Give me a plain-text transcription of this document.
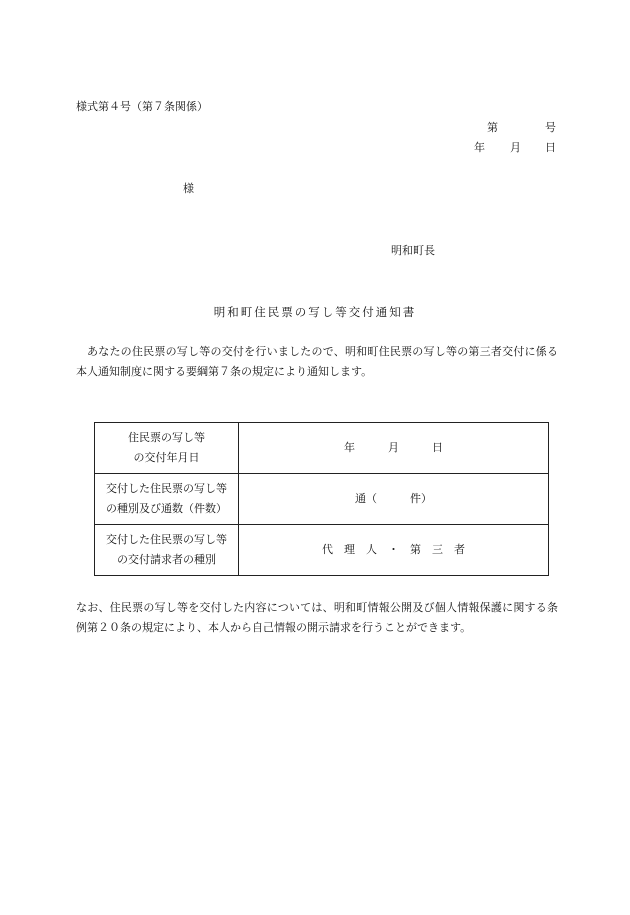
様式第４号（第７条関係）
第	号
年 月 日
様
明和町長
明和町住民票の写し等交付通知書
あなたの住民票の写し等の交付を行いましたので、明和町住民票の写し等の第三者交付に係る本人通知制度に関する要綱第７条の規定により通知します。
住民票の写し等
の交付年月日	年　　　月　　　日

交付した住民票の写し等
の種別及び通数（件数）	通（　　　件）

交付した住民票の写し等
の交付請求者の種別	代　理　人　・　第　三　者
なお、住民票の写し等を交付した内容については、明和町情報公開及び個人情報保護に関する条例第２０条の規定により、本人から自己情報の開示請求を行うことができます。
